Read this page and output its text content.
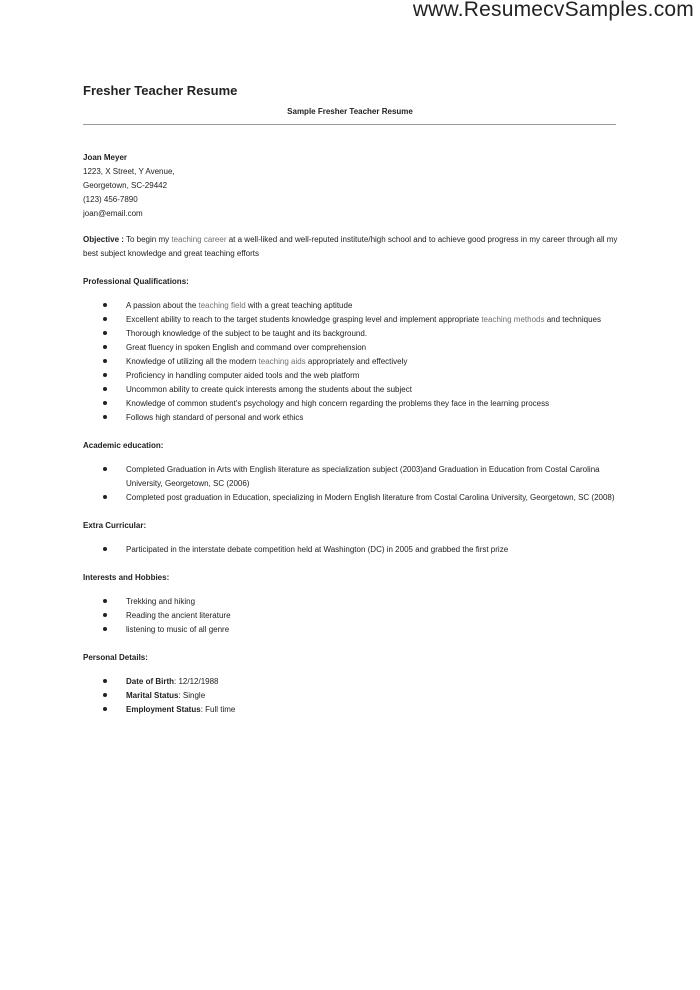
www.ResumecvSamples.com
Fresher Teacher Resume
Sample Fresher Teacher Resume
Joan Meyer
1223, X Street, Y Avenue,
Georgetown, SC-29442
(123) 456-7890
joan@email.com
Objective : To begin my teaching career at a well-liked and well-reputed institute/high school and to achieve good progress in my career through all my best subject knowledge and great teaching efforts
Professional Qualifications:
A passion about the teaching field with a great teaching aptitude
Excellent ability to reach to the target students knowledge grasping level and implement appropriate teaching methods and techniques
Thorough knowledge of the subject to be taught and its background.
Great fluency in spoken English and command over comprehension
Knowledge of utilizing all the modern teaching aids appropriately and effectively
Proficiency in handling computer aided tools and the web platform
Uncommon ability to create quick interests among the students about the subject
Knowledge of common student's psychology and high concern regarding the problems they face in the learning process
Follows high standard of personal and work ethics
Academic education:
Completed Graduation in Arts with English literature as specialization subject (2003)and Graduation in Education from Costal Carolina University, Georgetown, SC (2006)
Completed post graduation in Education, specializing in Modern English literature from Costal Carolina University, Georgetown, SC (2008)
Extra Curricular:
Participated in the interstate debate competition held at Washington (DC) in 2005 and grabbed the first prize
Interests and Hobbies:
Trekking and hiking
Reading the ancient literature
listening to music of all genre
Personal Details:
Date of Birth: 12/12/1988
Marital Status: Single
Employment Status: Full time
